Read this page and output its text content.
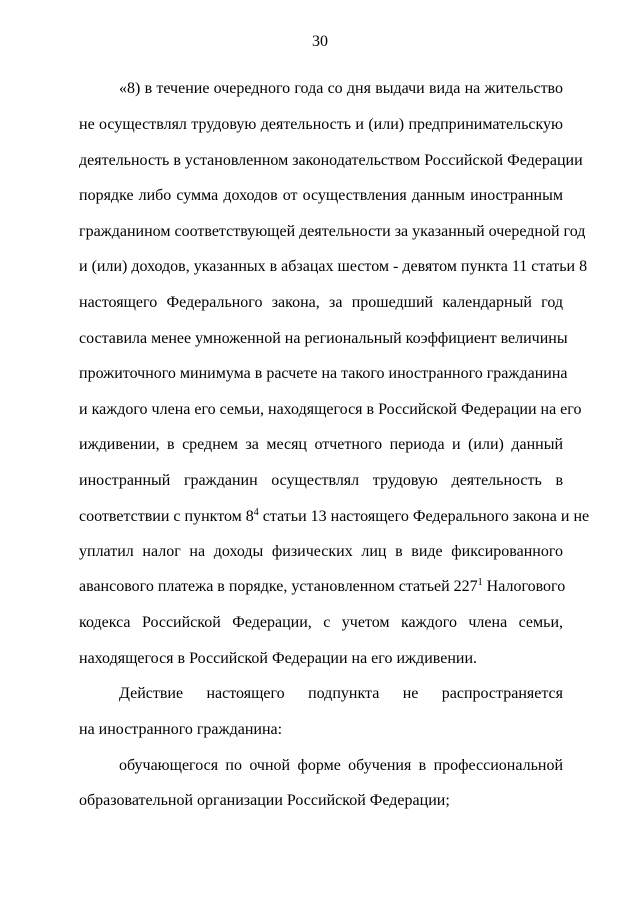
30
«8) в течение очередного года со дня выдачи вида на жительство
не осуществлял трудовую деятельность и (или) предпринимательскую
деятельность в установленном законодательством Российской Федерации
порядке либо сумма доходов от осуществления данным иностранным
гражданином соответствующей деятельности за указанный очередной год
и (или) доходов, указанных в абзацах шестом - девятом пункта 11 статьи 8
настоящего Федерального закона, за прошедший календарный год
составила менее умноженной на региональный коэффициент величины
прожиточного минимума в расчете на такого иностранного гражданина
и каждого члена его семьи, находящегося в Российской Федерации на его
иждивении, в среднем за месяц отчетного периода и (или) данный
иностранный гражданин осуществлял трудовую деятельность в
соответствии с пунктом $8^4$ статьи 13 настоящего Федерального закона и не
уплатил налог на доходы физических лиц в виде фиксированного
авансового платежа в порядке, установленном статьей $227^1$ Налогового
кодекса Российской Федерации, с учетом каждого члена семьи,
находящегося в Российской Федерации на его иждивении.
Действие настоящего подпункта не распространяется
на иностранного гражданина:
обучающегося по очной форме обучения в профессиональной
образовательной организации Российской Федерации;
